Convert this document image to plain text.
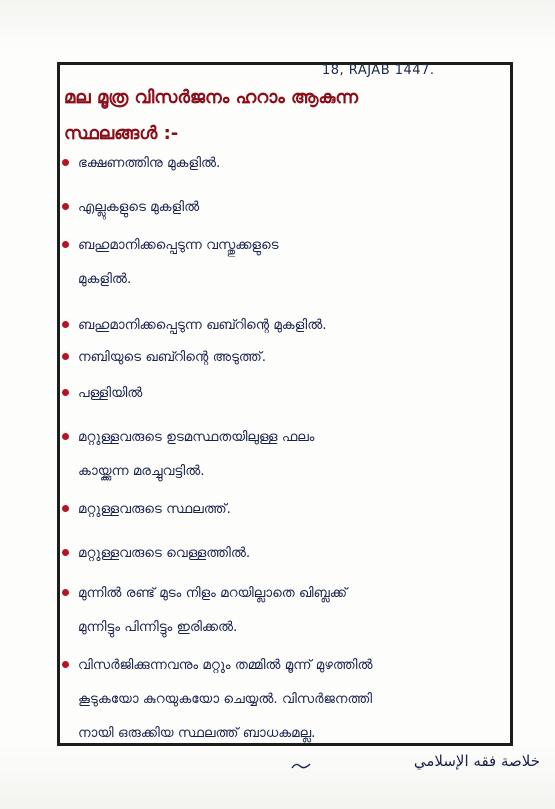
18, RAJAB 1447.
മല മൂത്ര വിസർജനം ഹറാം ആകുന്ന
സ്ഥലങ്ങൾ :-
ഭക്ഷണത്തിനു മുകളിൽ.
എല്ലുകളുടെ മുകളിൽ
ബഹുമാനിക്കപ്പെടുന്ന വസ്തുക്കളുടെ
മുകളിൽ.
ബഹുമാനിക്കപ്പെടുന്ന ഖബ്റിന്റെ മുകളിൽ.
നബിയുടെ ഖബ്റിന്റെ അടുത്ത്.
പള്ളിയിൽ
മറ്റുള്ളവരുടെ ഉടമസ്ഥതയിലുള്ള ഫലം
കായ്ക്കുന്ന മരച്ചുവട്ടിൽ.
മറ്റുള്ളവരുടെ സ്ഥലത്ത്.
മറ്റുള്ളവരുടെ വെള്ളത്തിൽ.
മുന്നിൽ രണ്ട് മുടം നിളം മറയില്ലാതെ ഖിബ്ലക്ക്
മുന്നിട്ടും പിന്നിട്ടും ഇരിക്കൽ.
വിസർജിക്കുന്നവനും മറ്റും തമ്മിൽ മൂന്ന് മുഴത്തിൽ
കൂടുകയോ കുറയുകയോ ചെയ്യൽ. വിസർജനത്തി
നായി ഒരുക്കിയ സ്ഥലത്ത് ബാധകമല്ല.
خلاصة فقه الإسلامي
